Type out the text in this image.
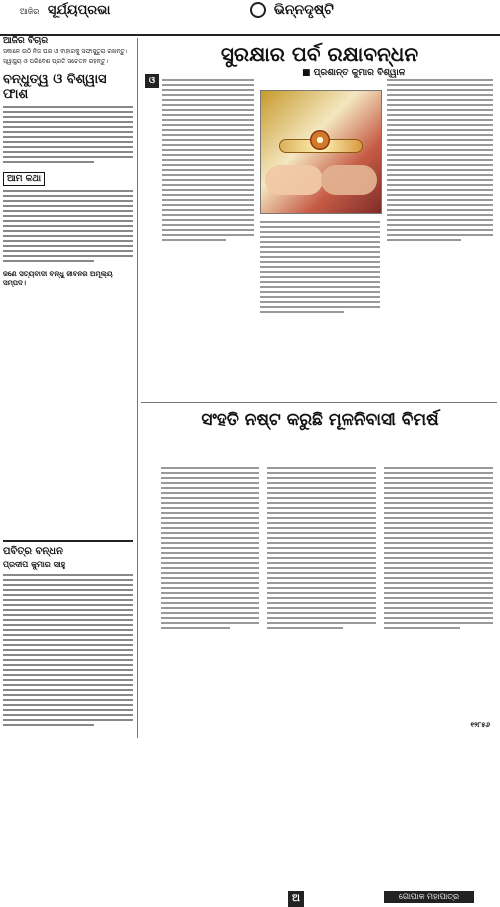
ଆଜିର ସୂର୍ଯ୍ୟପ୍ରଭା	ଭିନ୍ନଦୃଷ୍ଟି
ଆଜିର ବିଚାର
ସକାଳେ ଉଠି ନିଜ ଘର ଓ ବାହାରକୁ ସଫାସୁତୁରା ରଖନ୍ତୁ।
ସ୍ୱାସ୍ଥ୍ୟ ଓ ପରିବେଶ ପ୍ରତି ସଚେତନ ରହନ୍ତୁ।
ବନ୍ଧୁତ୍ୱ ଓ ବିଶ୍ୱାସ ଫାଶ
ଆମ କଥା
ଜଣେ ସତ୍ୟବାଦୀ ବନ୍ଧୁ ଜୀବନର ଅମୂଲ୍ୟ ସମ୍ପଦ।
ସୁରକ୍ଷାର ପର୍ବ ରକ୍ଷାବନ୍ଧନ
■ ପ୍ରଶାନ୍ତ କୁମାର ବିଶ୍ୱାଳ
ଓ
ସଂହତି ନଷ୍ଟ କରୁଛି ମୂଳନିବାସୀ ବିମର୍ଷ
ଅ	ଗୋପାଳ ମହାପାତ୍ର
ପବିତ୍ର ବନ୍ଧନ
ପ୍ରଦୀପ କୁମାର ସାହୁ
୧୨୮୫୬
